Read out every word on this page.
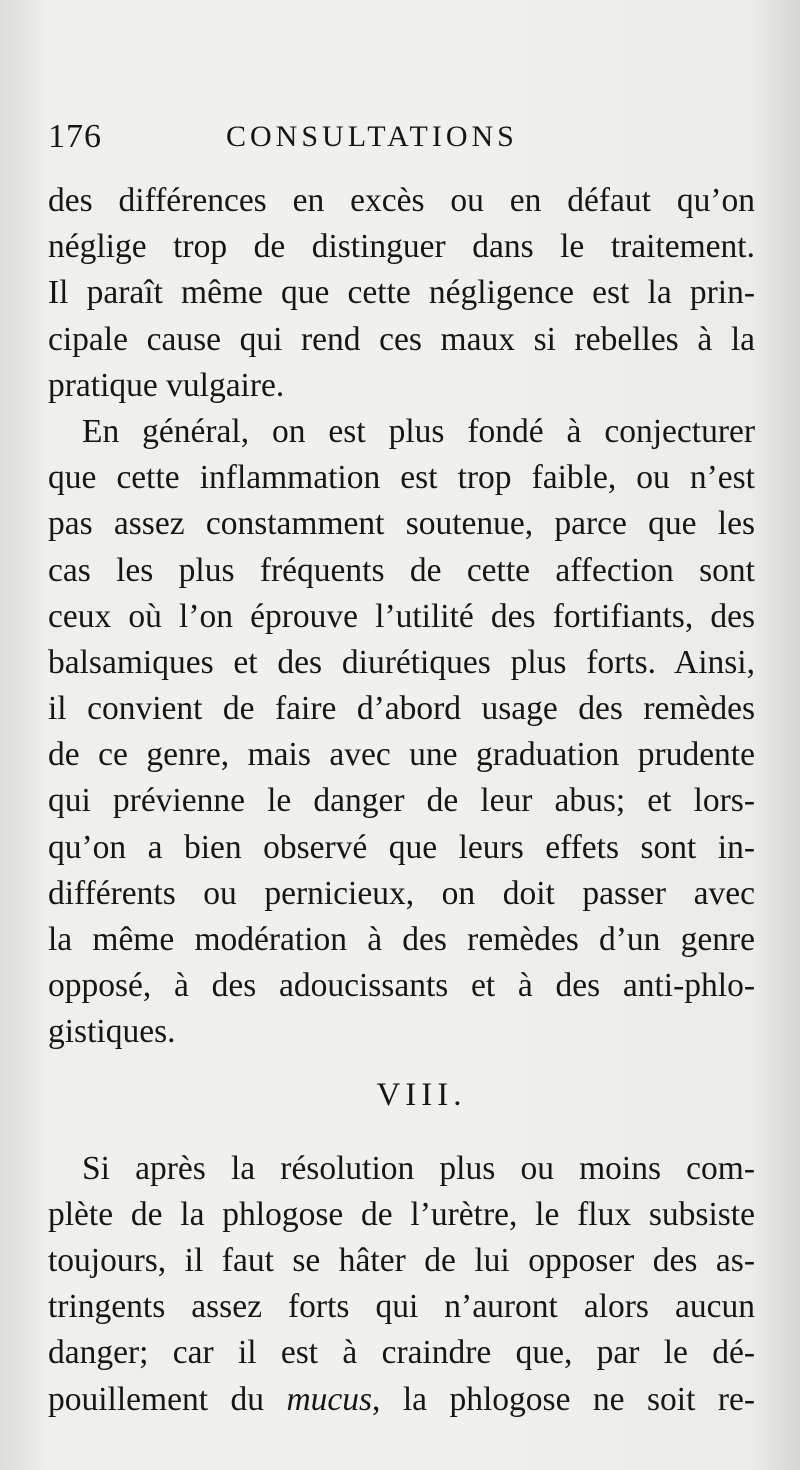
176	CONSULTATIONS
des différences en excès ou en défaut qu’on
néglige trop de distinguer dans le traitement.
Il paraît même que cette négligence est la prin-
cipale cause qui rend ces maux si rebelles à la
pratique vulgaire.
En général, on est plus fondé à conjecturer
que cette inflammation est trop faible, ou n’est
pas assez constamment soutenue, parce que les
cas les plus fréquents de cette affection sont
ceux où l’on éprouve l’utilité des fortifiants, des
balsamiques et des diurétiques plus forts. Ainsi,
il convient de faire d’abord usage des remèdes
de ce genre, mais avec une graduation prudente
qui prévienne le danger de leur abus; et lors-
qu’on a bien observé que leurs effets sont in-
différents ou pernicieux, on doit passer avec
la même modération à des remèdes d’un genre
opposé, à des adoucissants et à des anti-phlo-
gistiques.
VIII.
Si après la résolution plus ou moins com-
plète de la phlogose de l’urètre, le flux subsiste
toujours, il faut se hâter de lui opposer des as-
tringents assez forts qui n’auront alors aucun
danger; car il est à craindre que, par le dé-
pouillement du mucus, la phlogose ne soit re-
